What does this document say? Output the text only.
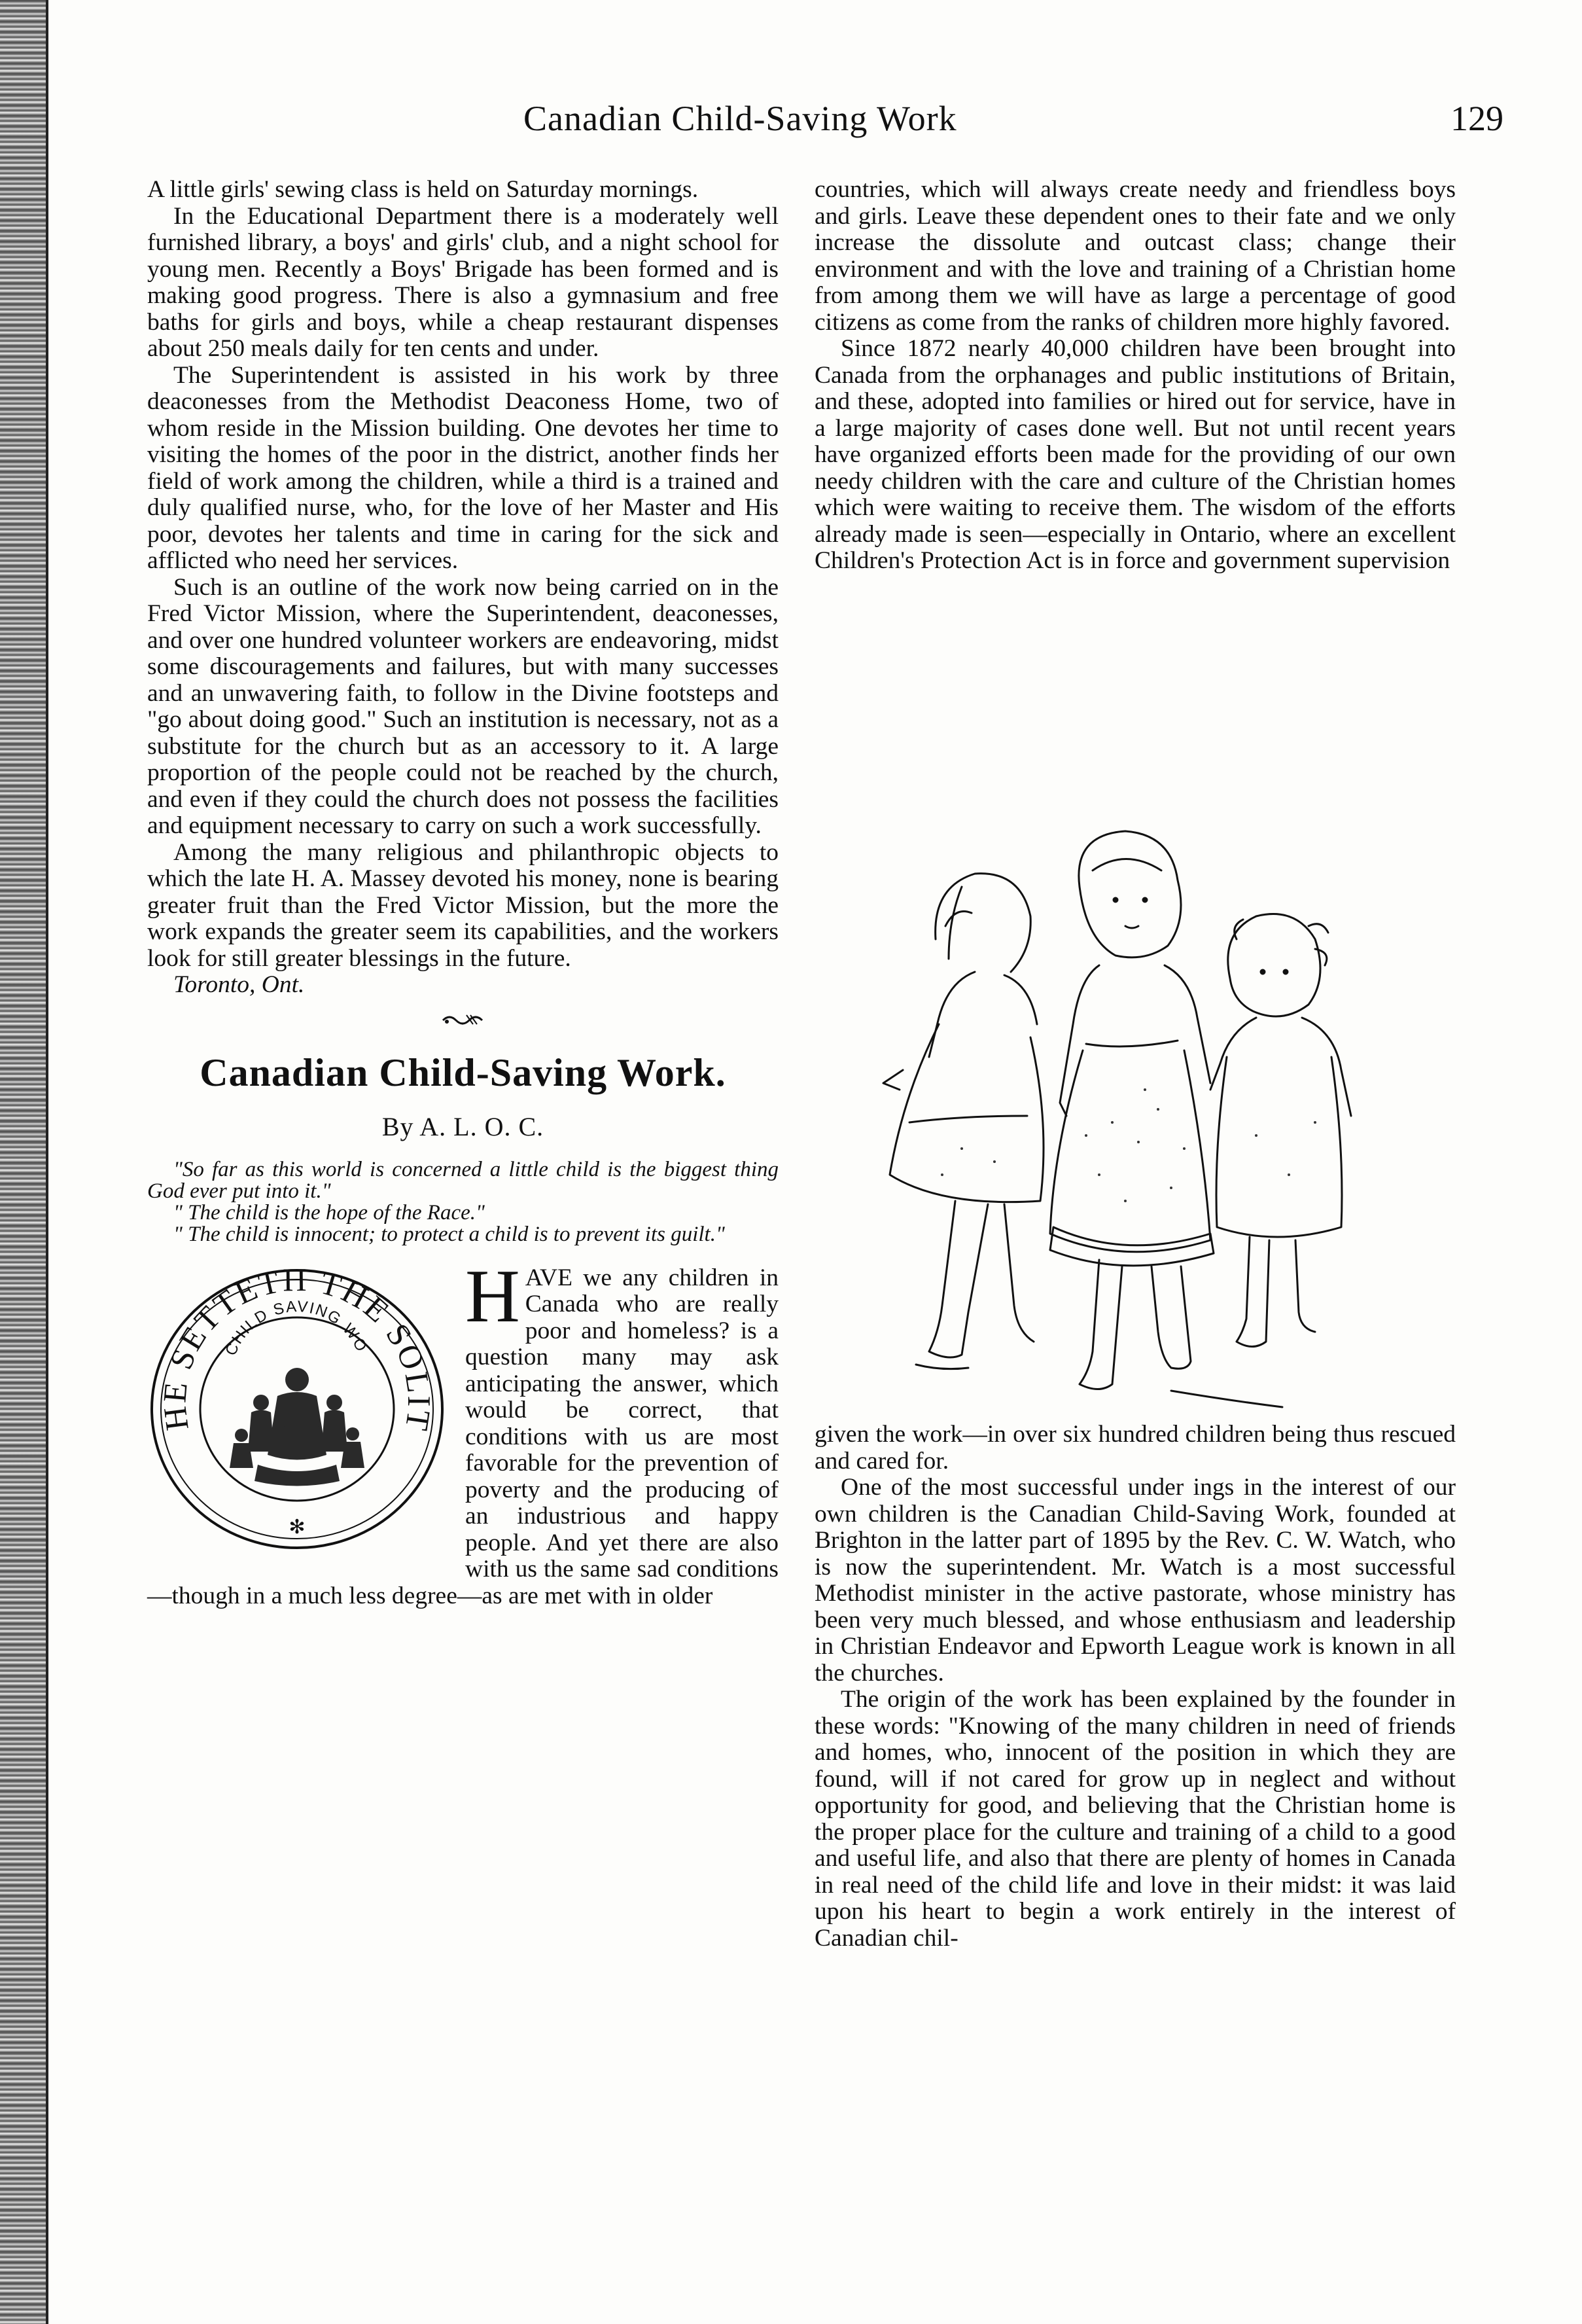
Canadian Child-Saving Work	129

A little girls' sewing class is held on Saturday mornings.

In the Educational Department there is a moderately well furnished library, a boys' and girls' club, and a night school for young men. Recently a Boys' Brigade has been formed and is making good progress. There is also a gymnasium and free baths for girls and boys, while a cheap restaurant dispenses about 250 meals daily for ten cents and under.

The Superintendent is assisted in his work by three deaconesses from the Methodist Deaconess Home, two of whom reside in the Mission building. One devotes her time to visiting the homes of the poor in the district, another finds her field of work among the children, while a third is a trained and duly qualified nurse, who, for the love of her Master and His poor, devotes her talents and time in caring for the sick and afflicted who need her services.

Such is an outline of the work now being carried on in the Fred Victor Mission, where the Superintendent, deaconesses, and over one hundred volunteer workers are endeavoring, midst some discouragements and failures, but with many successes and an unwavering faith, to follow in the Divine footsteps and "go about doing good." Such an institution is necessary, not as a substitute for the church but as an accessory to it. A large proportion of the people could not be reached by the church, and even if they could the church does not possess the facilities and equipment necessary to carry on such a work successfully.

Among the many religious and philanthropic objects to which the late H. A. Massey devoted his money, none is bearing greater fruit than the Fred Victor Mission, but the more the work expands the greater seem its capabilities, and the workers look for still greater blessings in the future.

Toronto, Ont.

Canadian Child-Saving Work.
By A. L. O. C.

"So far as this world is concerned a little child is the biggest thing God ever put into it."

" The child is the hope of the Race."

" The child is innocent; to protect a child is to prevent its guilt."

HE SETTETH THE SOLIT
CHILD SAVING WO
✻

HAVE we any children in Canada who are really poor and homeless? is a question many may ask anticipating the answer, which would be correct, that conditions with us are most favorable for the prevention of poverty and the producing of an industrious and happy people. And yet there are also with us the same sad conditions—though in a much less degree—as are met with in older

countries, which will always create needy and friendless boys and girls. Leave these dependent ones to their fate and we only increase the dissolute and outcast class; change their environment and with the love and training of a Christian home from among them we will have as large a percentage of good citizens as come from the ranks of children more highly favored.

Since 1872 nearly 40,000 children have been brought into Canada from the orphanages and public institutions of Britain, and these, adopted into families or hired out for service, have in a large majority of cases done well. But not until recent years have organized efforts been made for the providing of our own needy children with the care and culture of the Christian homes which were waiting to receive them. The wisdom of the efforts already made is seen—especially in Ontario, where an excellent Children's Protection Act is in force and government supervision

given the work—in over six hundred children being thus rescued and cared for.

One of the most successful under ings in the interest of our own children is the Canadian Child-Saving Work, founded at Brighton in the latter part of 1895 by the Rev. C. W. Watch, who is now the superintendent. Mr. Watch is a most successful Methodist minister in the active pastorate, whose ministry has been very much blessed, and whose enthusiasm and leadership in Christian Endeavor and Epworth League work is known in all the churches.

The origin of the work has been explained by the founder in these words: "Knowing of the many children in need of friends and homes, who, innocent of the position in which they are found, will if not cared for grow up in neglect and without opportunity for good, and believing that the Christian home is the proper place for the culture and training of a child to a good and useful life, and also that there are plenty of homes in Canada in real need of the child life and love in their midst: it was laid upon his heart to begin a work entirely in the interest of Canadian chil-
